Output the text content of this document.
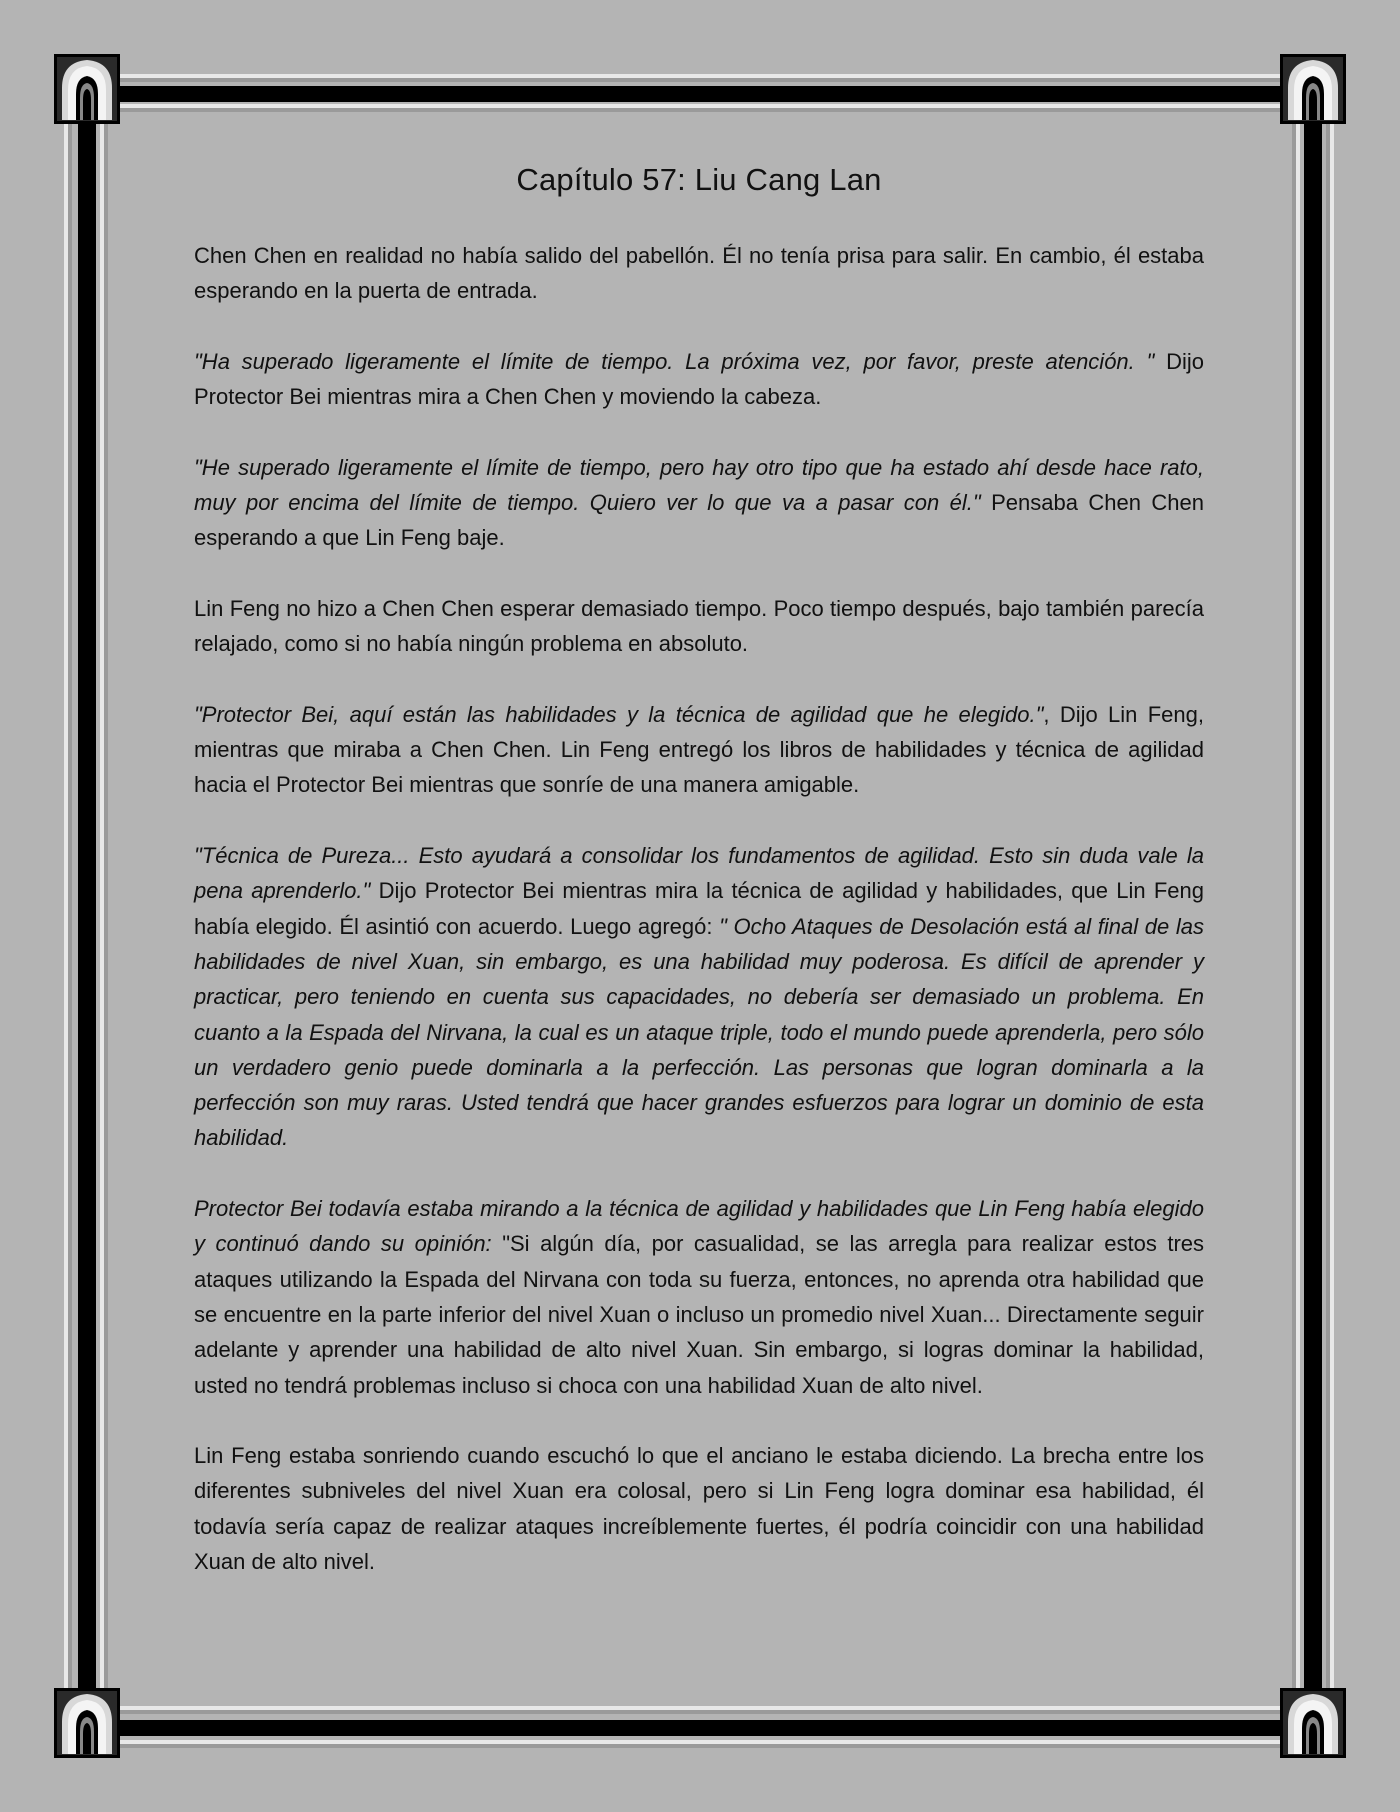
Capítulo 57: Liu Cang Lan

Chen Chen en realidad no había salido del pabellón. Él no tenía prisa para salir. En cambio, él estaba esperando en la puerta de entrada.

"Ha superado ligeramente el límite de tiempo. La próxima vez, por favor, preste atención. " Dijo Protector Bei mientras mira a Chen Chen y moviendo la cabeza.

"He superado ligeramente el límite de tiempo, pero hay otro tipo que ha estado ahí desde hace rato, muy por encima del límite de tiempo. Quiero ver lo que va a pasar con él." Pensaba Chen Chen esperando a que Lin Feng baje.

Lin Feng no hizo a Chen Chen esperar demasiado tiempo. Poco tiempo después, bajo también parecía relajado, como si no había ningún problema en absoluto.

"Protector Bei, aquí están las habilidades y la técnica de agilidad que he elegido.", Dijo Lin Feng, mientras que miraba a Chen Chen. Lin Feng entregó los libros de habilidades y técnica de agilidad hacia el Protector Bei mientras que sonríe de una manera amigable.

"Técnica de Pureza... Esto ayudará a consolidar los fundamentos de agilidad. Esto sin duda vale la pena aprenderlo." Dijo Protector Bei mientras mira la técnica de agilidad y habilidades, que Lin Feng había elegido. Él asintió con acuerdo. Luego agregó: " Ocho Ataques de Desolación está al final de las habilidades de nivel Xuan, sin embargo, es una habilidad muy poderosa. Es difícil de aprender y practicar, pero teniendo en cuenta sus capacidades, no debería ser demasiado un problema. En cuanto a la Espada del Nirvana, la cual es un ataque triple, todo el mundo puede aprenderla, pero sólo un verdadero genio puede dominarla a la perfección. Las personas que logran dominarla a la perfección son muy raras. Usted tendrá que hacer grandes esfuerzos para lograr un dominio de esta habilidad.

Protector Bei todavía estaba mirando a la técnica de agilidad y habilidades que Lin Feng había elegido y continuó dando su opinión: "Si algún día, por casualidad, se las arregla para realizar estos tres ataques utilizando la Espada del Nirvana con toda su fuerza, entonces, no aprenda otra habilidad que se encuentre en la parte inferior del nivel Xuan o incluso un promedio nivel Xuan... Directamente seguir adelante y aprender una habilidad de alto nivel Xuan. Sin embargo, si logras dominar la habilidad, usted no tendrá problemas incluso si choca con una habilidad Xuan de alto nivel.

Lin Feng estaba sonriendo cuando escuchó lo que el anciano le estaba diciendo. La brecha entre los diferentes subniveles del nivel Xuan era colosal, pero si Lin Feng logra dominar esa habilidad, él todavía sería capaz de realizar ataques increíblemente fuertes, él podría coincidir con una habilidad Xuan de alto nivel.
